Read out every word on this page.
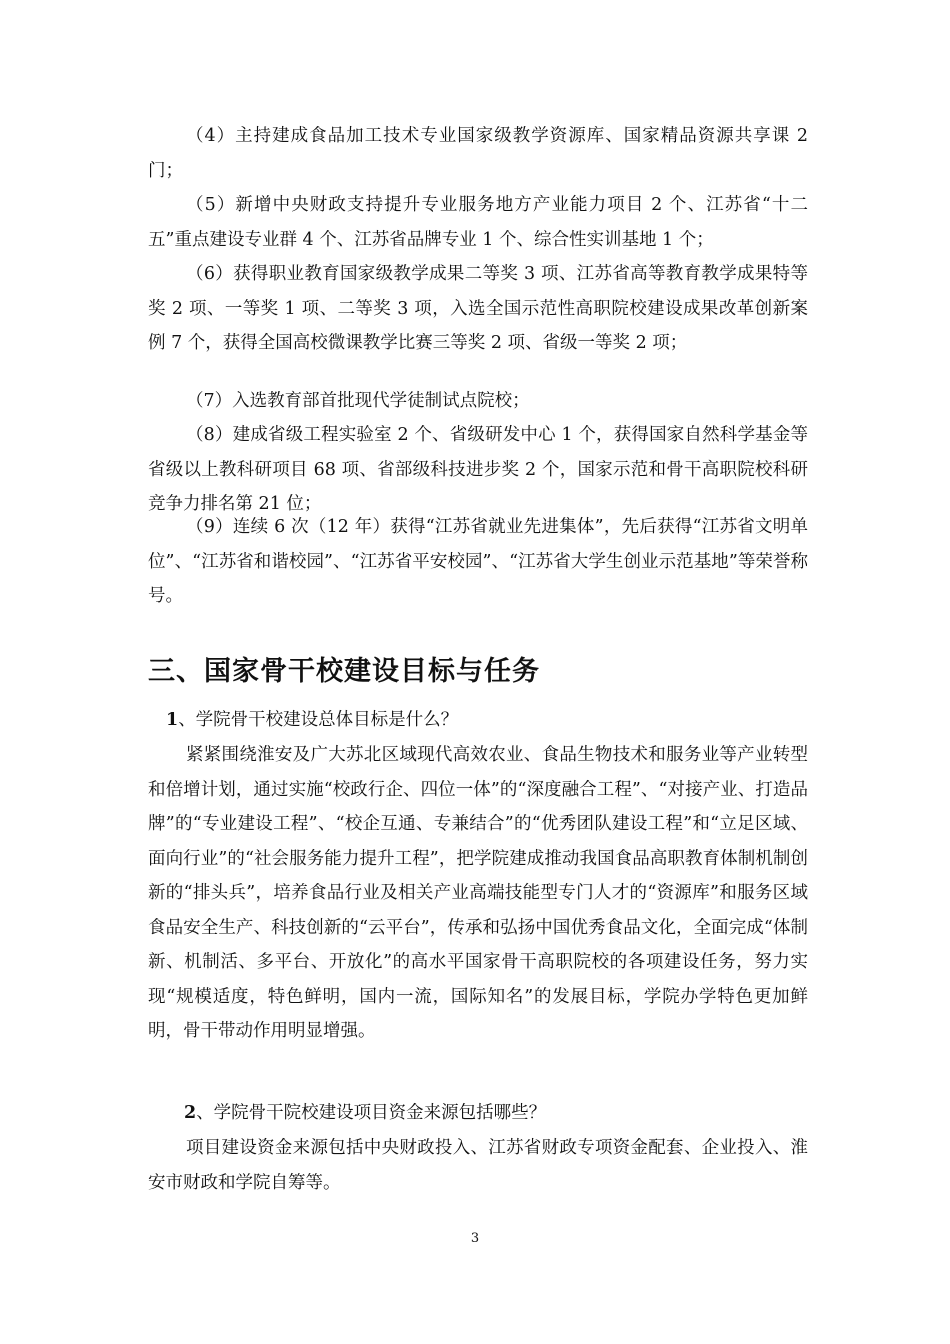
（4）主持建成食品加工技术专业国家级教学资源库、国家精品资源共享课 2 门；

（5）新增中央财政支持提升专业服务地方产业能力项目 2 个、江苏省“十二五”重点建设专业群 4 个、江苏省品牌专业 1 个、综合性实训基地 1 个；

（6）获得职业教育国家级教学成果二等奖 3 项、江苏省高等教育教学成果特等奖 2 项、一等奖 1 项、二等奖 3 项，入选全国示范性高职院校建设成果改革创新案例 7 个，获得全国高校微课教学比赛三等奖 2 项、省级一等奖 2 项；

（7）入选教育部首批现代学徒制试点院校；

（8）建成省级工程实验室 2 个、省级研发中心 1 个，获得国家自然科学基金等省级以上教科研项目 68 项、省部级科技进步奖 2 个，国家示范和骨干高职院校科研竞争力排名第 21 位；

（9）连续 6 次（12 年）获得“江苏省就业先进集体”，先后获得“江苏省文明单位”、“江苏省和谐校园”、“江苏省平安校园”、“江苏省大学生创业示范基地”等荣誉称号。

三、国家骨干校建设目标与任务

1、学院骨干校建设总体目标是什么？

紧紧围绕淮安及广大苏北区域现代高效农业、食品生物技术和服务业等产业转型和倍增计划，通过实施“校政行企、四位一体”的“深度融合工程”、“对接产业、打造品牌”的“专业建设工程”、“校企互通、专兼结合”的“优秀团队建设工程”和“立足区域、面向行业”的“社会服务能力提升工程”，把学院建成推动我国食品高职教育体制机制创新的“排头兵”，培养食品行业及相关产业高端技能型专门人才的“资源库”和服务区域食品安全生产、科技创新的“云平台”，传承和弘扬中国优秀食品文化，全面完成“体制新、机制活、多平台、开放化”的高水平国家骨干高职院校的各项建设任务，努力实现“规模适度，特色鲜明，国内一流，国际知名”的发展目标，学院办学特色更加鲜明，骨干带动作用明显增强。

2、学院骨干院校建设项目资金来源包括哪些？

项目建设资金来源包括中央财政投入、江苏省财政专项资金配套、企业投入、淮安市财政和学院自筹等。

3
